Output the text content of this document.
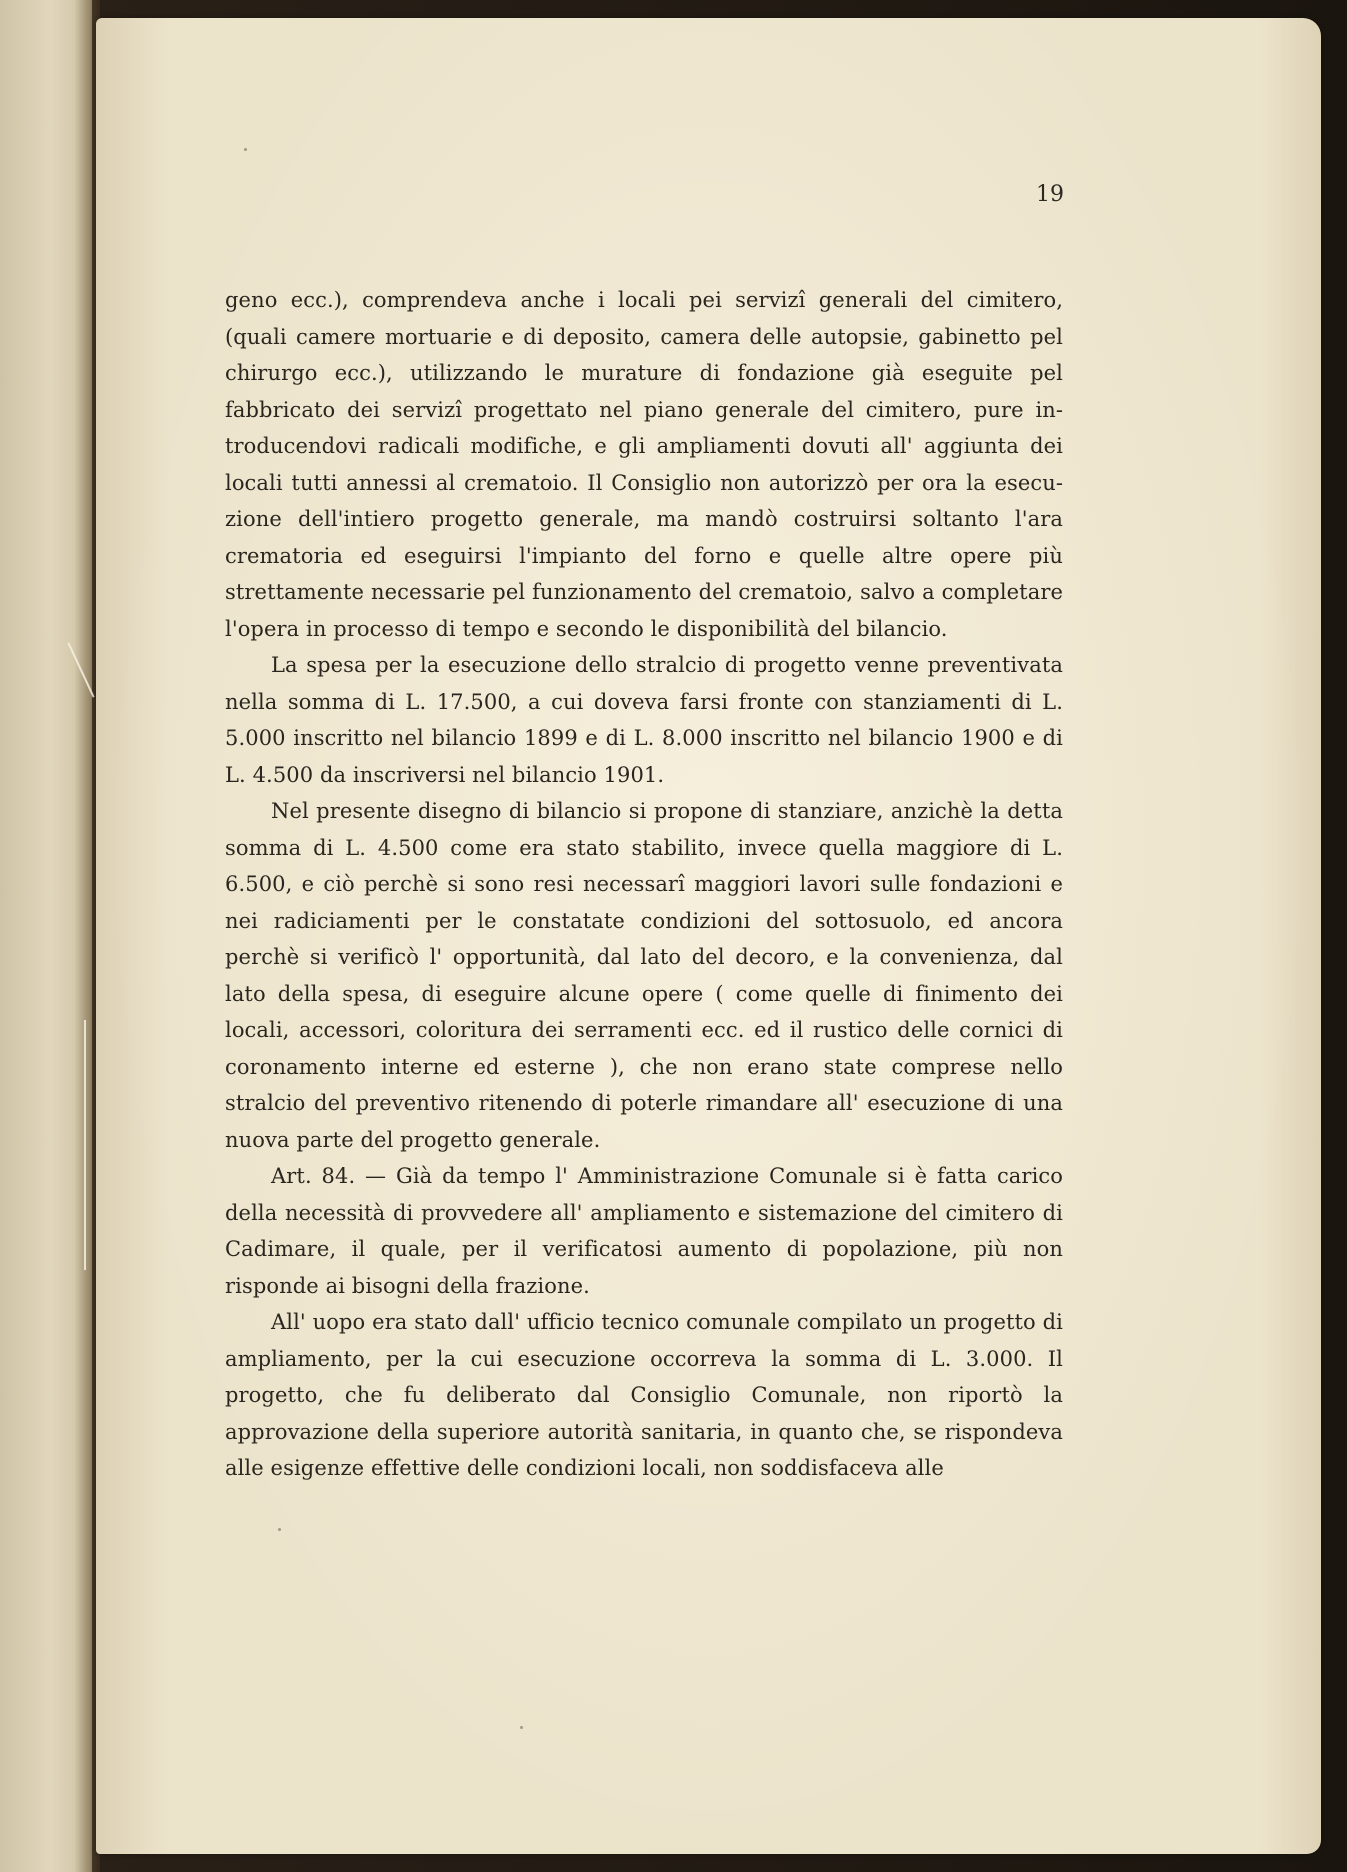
19

geno ecc.), comprendeva anche i locali pei servizî generali del cimitero, (quali camere mortuarie e di deposito, camera delle autopsie, gabinetto pel chirurgo ecc.), utilizzando le murature di fondazione già eseguite pel fabbricato dei servizî progettato nel piano generale del cimitero, pure introducendovi radicali modifiche, e gli ampliamenti dovuti all' aggiunta dei locali tutti annessi al crematoio. Il Consiglio non autorizzò per ora la esecuzione dell'intiero progetto generale, ma mandò costruirsi soltanto l'ara crematoria ed eseguirsi l'impianto del forno e quelle altre opere più strettamente necessarie pel funzionamento del crematoio, salvo a completare l'opera in processo di tempo e secondo le disponibilità del bilancio.

La spesa per la esecuzione dello stralcio di progetto venne preventivata nella somma di L. 17.500, a cui doveva farsi fronte con stanziamenti di L. 5.000 inscritto nel bilancio 1899 e di L. 8.000 inscritto nel bilancio 1900 e di L. 4.500 da inscriversi nel bilancio 1901.

Nel presente disegno di bilancio si propone di stanziare, anzichè la detta somma di L. 4.500 come era stato stabilito, invece quella maggiore di L. 6.500, e ciò perchè si sono resi necessarî maggiori lavori sulle fondazioni e nei radiciamenti per le constatate condizioni del sottosuolo, ed ancora perchè si verificò l' opportunità, dal lato del decoro, e la convenienza, dal lato della spesa, di eseguire alcune opere ( come quelle di finimento dei locali, accessori, coloritura dei serramenti ecc. ed il rustico delle cornici di coronamento interne ed esterne ), che non erano state comprese nello stralcio del preventivo ritenendo di poterle rimandare all' esecuzione di una nuova parte del progetto generale.

Art. 84. — Già da tempo l' Amministrazione Comunale si è fatta carico della necessità di provvedere all' ampliamento e sistemazione del cimitero di Cadimare, il quale, per il verificatosi aumento di popolazione, più non risponde ai bisogni della frazione.

All' uopo era stato dall' ufficio tecnico comunale compilato un progetto di ampliamento, per la cui esecuzione occorreva la somma di L. 3.000. Il progetto, che fu deliberato dal Consiglio Comunale, non riportò la approvazione della superiore autorità sanitaria, in quanto che, se rispondeva alle esigenze effettive delle condizioni locali, non soddisfaceva alle
